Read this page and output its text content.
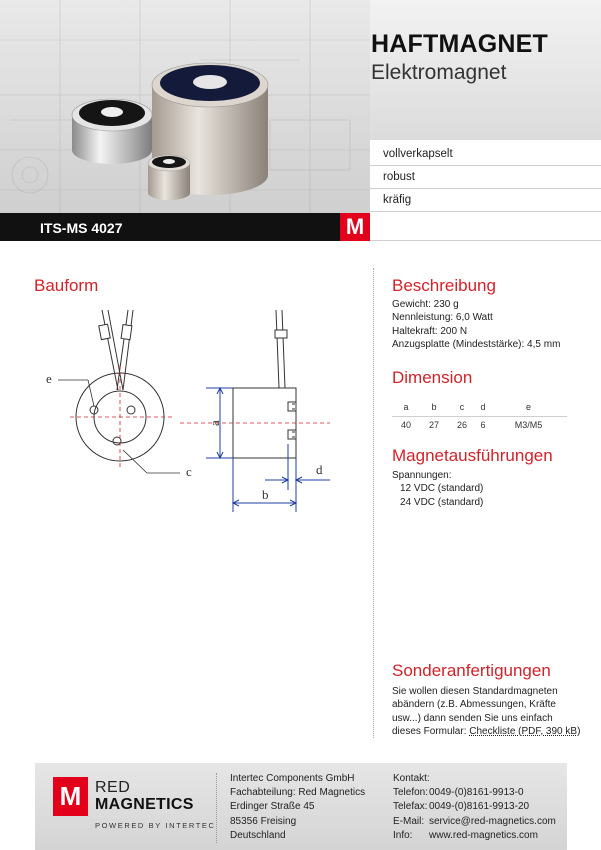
HAFTMAGNET
Elektromagnet
vollverkapselt
robust
kräfig
ITS-MS 4027	M
Bauform
e
c
a
b
d
Beschreibung
Gewicht: 230 g
Nennleistung: 6,0 Watt
Haltekraft: 200 N
Anzugsplatte (Mindeststärke): 4,5 mm
Dimension
a	b	c	d	e
40	27	26	6	M3/M5
Magnetausführungen
Spannungen:
12 VDC (standard)
24 VDC (standard)
Sonderanfertigungen
Sie wollen diesen Standardmagneten
abändern (z.B. Abmessungen, Kräfte
usw...) dann senden Sie uns einfach
dieses Formular: Checkliste (PDF, 390 kB)
M RED
MAGNETICS
POWERED BY INTERTEC
Intertec Components GmbH
Fachabteilung: Red Magnetics
Erdinger Straße 45
85356 Freising
Deutschland
Kontakt:
Telefon: 0049-(0)8161-9913-0
Telefax: 0049-(0)8161-9913-20
E-Mail: service@red-magnetics.com
Info:	www.red-magnetics.com
